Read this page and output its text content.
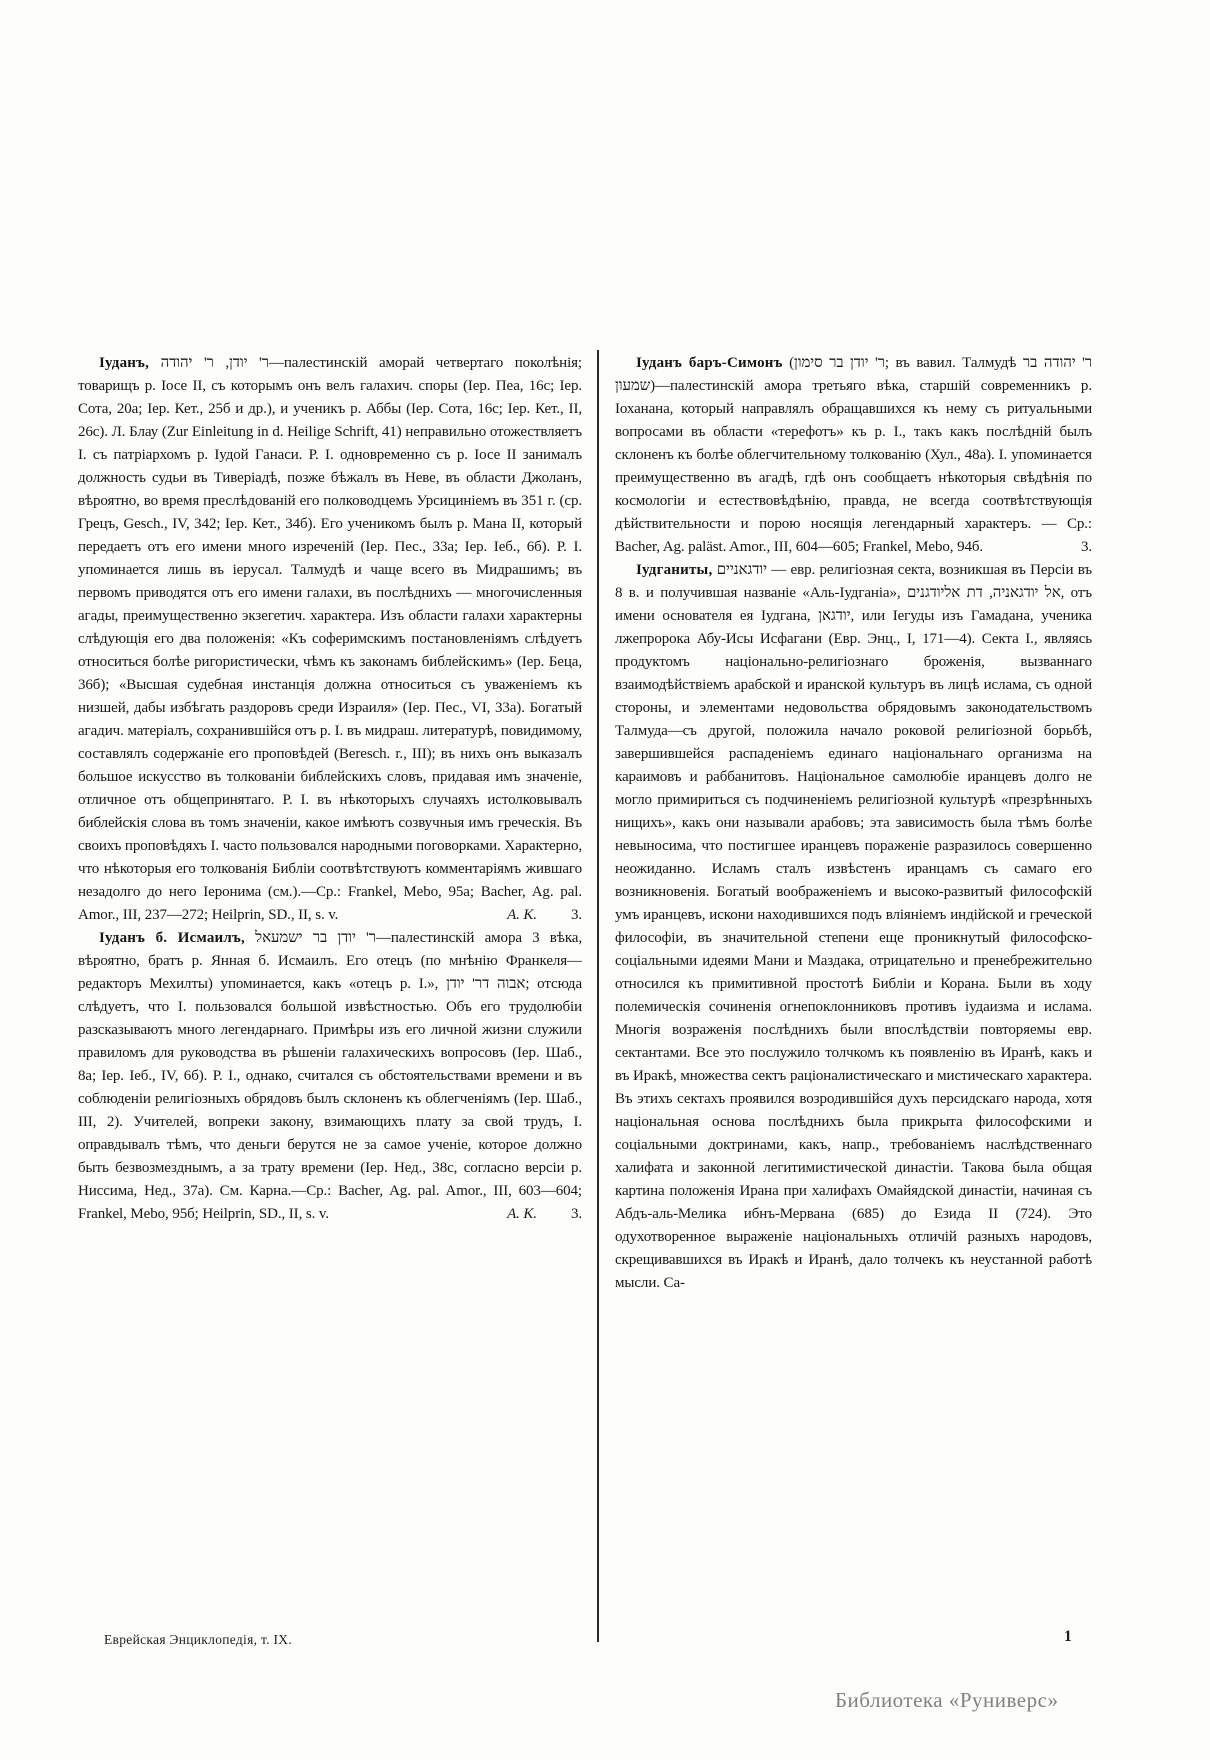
Іуданъ, ר' יודן, ר' יהודה—палестинскій аморай четвертаго поколѣнія; товарищъ р. Іосе II, съ которымъ онъ велъ галахич. споры (Іер. Пеа, 16с; Іер. Сота, 20а; Іер. Кет., 25б и др.), и ученикъ р. Аббы (Іер. Сота, 16с; Іер. Кет., II, 26с). Л. Блау (Zur Einleitung in d. Heilige Schrift, 41) неправильно отожествляетъ І. съ патріархомъ р. Іудой Ганаси. Р. І. одновременно съ р. Іосе II занималъ должность судьи въ Тиверіадѣ, позже бѣжалъ въ Неве, въ области Джоланъ, вѣроятно, во время преслѣдованій его полководцемъ Урсициніемъ въ 351 г. (ср. Грецъ, Gesch., IV, 342; Іер. Кет., 34б). Его ученикомъ былъ р. Мана II, который передаетъ отъ его имени много изреченій (Іер. Пес., 33а; Іер. Іеб., 6б). Р. І. упоминается лишь въ іерусал. Талмудѣ и чаще всего въ Мидрашимъ; въ первомъ приводятся отъ его имени галахи, въ послѣднихъ — многочисленныя агады, преимущественно экзегетич. характера. Изъ области галахи характерны слѣдующія его два положенія: «Къ соферимскимъ постановленіямъ слѣдуетъ относиться болѣе ригористически, чѣмъ къ законамъ библейскимъ» (Іер. Беца, 36б); «Высшая судебная инстанція должна относиться съ уваженіемъ къ низшей, дабы избѣгать раздоровъ среди Израиля» (Іер. Пес., VI, 33а). Богатый агадич. матеріалъ, сохранившійся отъ р. І. въ мидраш. литературѣ, повидимому, составлялъ содержаніе его проповѣдей (Beresch. r., III); въ нихъ онъ выказалъ большое искусство въ толкованіи библейскихъ словъ, придавая имъ значеніе, отличное отъ общепринятаго. Р. І. въ нѣкоторыхъ случаяхъ истолковывалъ библейскія слова въ томъ значеніи, какое имѣютъ созвучныя имъ греческія. Въ своихъ проповѣдяхъ І. часто пользовался народными поговорками. Характерно, что нѣкоторыя его толкованія Библіи соотвѣтствуютъ комментаріямъ жившаго незадолго до него Іеронима (см.).—Ср.: Frankel, Mebo, 95а; Bacher, Ag. pal. Amor., III, 237—272; Heilprin, SD., II, s. v.	А. К. 3.

Іуданъ б. Исмаилъ, ר' יודן בר ישמעאל—палестинскій амора 3 вѣка, вѣроятно, братъ р. Янная б. Исмаилъ. Его отецъ (по мнѣнію Франкеля—редакторъ Мехилты) упоминается, какъ «отецъ р. І.», אבוה דר' יודן; отсюда слѣдуетъ, что І. пользовался большой извѣстностью. Объ его трудолюбіи разсказываютъ много легендарнаго. Примѣры изъ его личной жизни служили правиломъ для руководства въ рѣшеніи галахическихъ вопросовъ (Іер. Шаб., 8а; Іер. Іеб., IV, 6б). Р. І., однако, считался съ обстоятельствами времени и въ соблюденіи религіозныхъ обрядовъ былъ склоненъ къ облегченіямъ (Іер. Шаб., III, 2). Учителей, вопреки закону, взимающихъ плату за свой трудъ, І. оправдывалъ тѣмъ, что деньги берутся не за самое ученіе, которое должно быть безвозмезднымъ, а за трату времени (Іер. Нед., 38с, согласно версіи р. Ниссима, Нед., 37а). См. Карна.—Ср.: Bacher, Ag. pal. Amor., III, 603—604; Frankel, Mebo, 95б; Heilprin, SD., II, s. v.	А. К. 3.

Іуданъ баръ-Симонъ (ר' יודן בר סימון; въ вавил. Талмудѣ ר' יהודה בר שמעון)—палестинскій амора третьяго вѣка, старшій современникъ р. Іоханана, который направлялъ обращавшихся къ нему съ ритуальными вопросами въ области «терефотъ» къ р. І., такъ какъ послѣдній былъ склоненъ къ болѣе облегчительному толкованію (Хул., 48а). І. упоминается преимущественно въ агадѣ, гдѣ онъ сообщаетъ нѣкоторыя свѣдѣнія по космологіи и естествовѣдѣнію, правда, не всегда соотвѣтствующія дѣйствительности и порою носящія легендарный характеръ. — Ср.: Bacher, Ag. paläst. Amor., III, 604—605; Frankel, Mebo, 94б.	3.

Іудганиты, יודגאניים — евр. религіозная секта, возникшая въ Персіи въ 8 в. и получившая названіе «Аль-Іудганіа», אל יודגאניה, דת אליודגנים, отъ имени основателя ея Іудгана, יודגאן, или Іегуды изъ Гамадана, ученика лжепророка Абу-Исы Исфагани (Евр. Энц., I, 171—4). Секта І., являясь продуктомъ національно-религіознаго броженія, вызваннаго взаимодѣйствіемъ арабской и иранской культуръ въ лицѣ ислама, съ одной стороны, и элементами недовольства обрядовымъ законодательствомъ Талмуда—съ другой, положила начало роковой религіозной борьбѣ, завершившейся распаденіемъ единаго національнаго организма на караимовъ и раббанитовъ. Національное самолюбіе иранцевъ долго не могло примириться съ подчиненіемъ религіозной культурѣ «презрѣнныхъ нищихъ», какъ они называли арабовъ; эта зависимость была тѣмъ болѣе невыносима, что постигшее иранцевъ пораженіе разразилось совершенно неожиданно. Исламъ сталъ извѣстенъ иранцамъ съ самаго его возникновенія. Богатый воображеніемъ и высоко-развитый философскій умъ иранцевъ, искони находившихся подъ вліяніемъ индійской и греческой философіи, въ значительной степени еще проникнутый философско-соціальными идеями Мани и Маздака, отрицательно и пренебрежительно относился къ примитивной простотѣ Библіи и Корана. Были въ ходу полемическія сочиненія огнепоклонниковъ противъ іудаизма и ислама. Многія возраженія послѣднихъ были впослѣдствіи повторяемы евр. сектантами. Все это послужило толчкомъ къ появленію въ Иранѣ, какъ и въ Иракѣ, множества сектъ раціоналистическаго и мистическаго характера. Въ этихъ сектахъ проявился возродившійся духъ персидскаго народа, хотя національная основа послѣднихъ была прикрыта философскими и соціальными доктринами, какъ, напр., требованіемъ наслѣдственнаго халифата и законной легитимистической династіи. Такова была общая картина положенія Ирана при халифахъ Омайядской династіи, начиная съ Абдъ-аль-Мелика ибнъ-Мервана (685) до Езида II (724). Это одухотворенное выраженіе національныхъ отличій разныхъ народовъ, скрещивавшихся въ Иракѣ и Иранѣ, дало толчекъ къ неустанной работѣ мысли. Са-

Еврейская Энциклопедія, т. IX.	1
Библиотека «Руниверс»
